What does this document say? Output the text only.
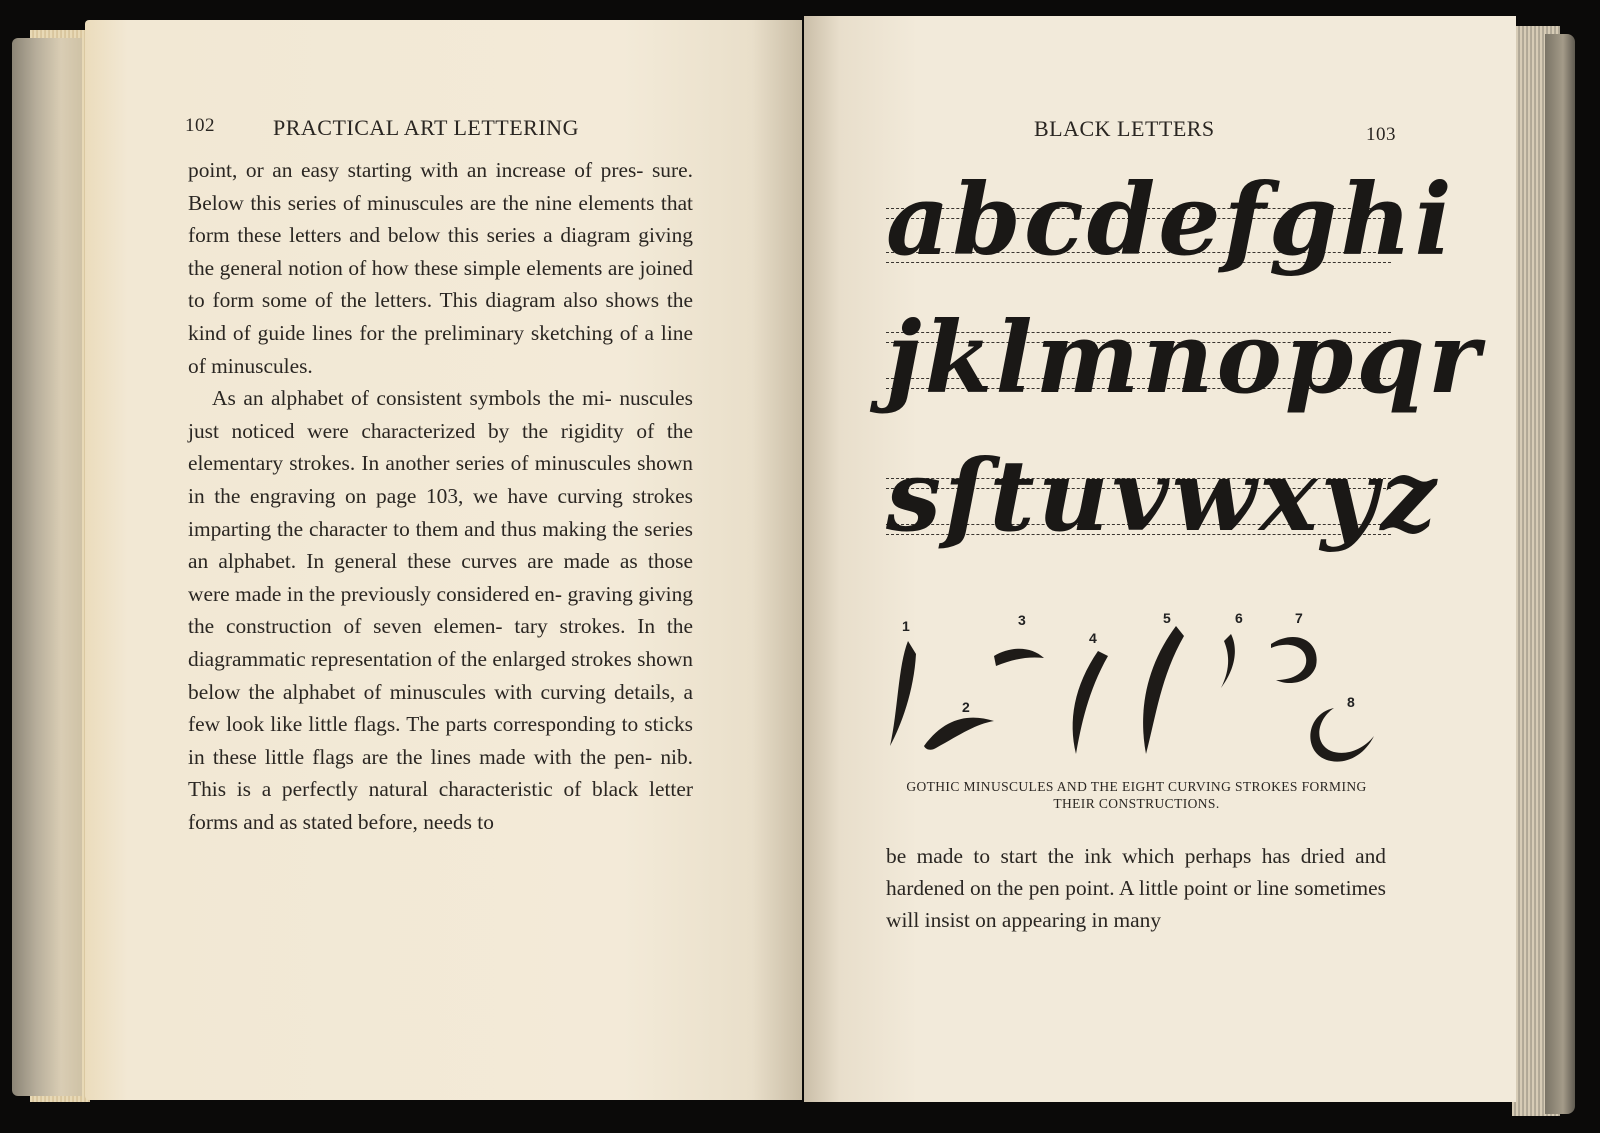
102	PRACTICAL ART LETTERING

point, or an easy starting with an increase of pres- sure. Below this series of minuscules are the nine elements that form these letters and below this series a diagram giving the general notion of how these simple elements are joined to form some of the letters. This diagram also shows the kind of guide lines for the preliminary sketching of a line of minuscules.

As an alphabet of consistent symbols the mi- nuscules just noticed were characterized by the rigidity of the elementary strokes. In another series of minuscules shown in the engraving on page 103, we have curving strokes imparting the character to them and thus making the series an alphabet. In general these curves are made as those were made in the previously considered en- graving giving the construction of seven elemen- tary strokes. In the diagrammatic representation of the enlarged strokes shown below the alphabet of minuscules with curving details, a few look like little flags. The parts corresponding to sticks in these little flags are the lines made with the pen- nib. This is a perfectly natural characteristic of black letter forms and as stated before, needs to

BLACK LETTERS	103
abcdefghi
jklmnopqr
sſtuvwxyz
1
2
3
4
5	6	7
8
GOTHIC MINUSCULES AND THE EIGHT CURVING STROKES FORMING
THEIR CONSTRUCTIONS.

be made to start the ink which perhaps has dried and hardened on the pen point. A little point or line sometimes will insist on appearing in many
